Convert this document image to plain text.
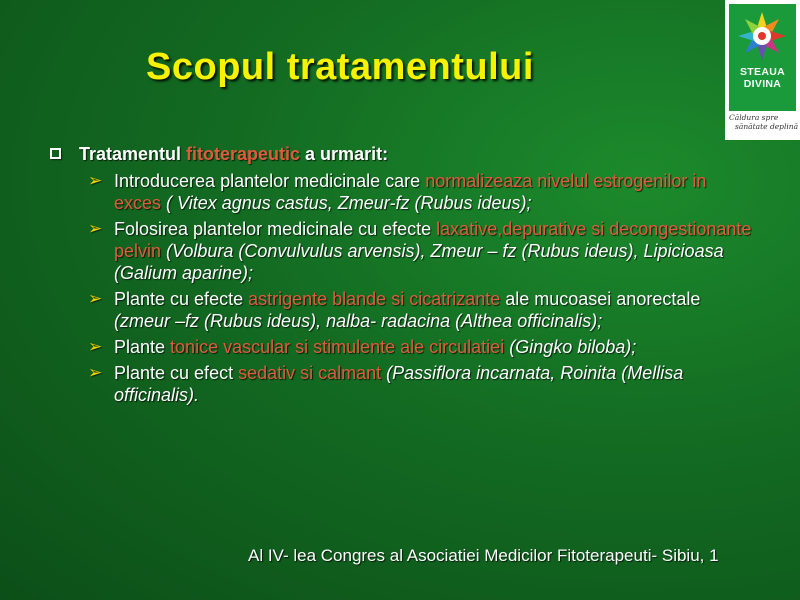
Scopul tratamentului	STEAUA
DIVINA
Căldura spre
sănătate deplină
Tratamentul fitoterapeutic a urmarit:
➢ Introducerea plantelor medicinale care normalizeaza nivelul estrogenilor in exces ( Vitex agnus castus, Zmeur-fz (Rubus ideus);
➢ Folosirea plantelor medicinale cu efecte laxative,depurative si decongestionante pelvin (Volbura (Convulvulus arvensis), Zmeur – fz (Rubus ideus), Lipicioasa (Galium aparine);
➢ Plante cu efecte astrigente blande si cicatrizante ale mucoasei anorectale (zmeur –fz (Rubus ideus), nalba- radacina (Althea officinalis);
➢ Plante tonice vascular si stimulente ale circulatiei (Gingko biloba);
➢ Plante cu efect sedativ si calmant (Passiflora incarnata, Roinita (Mellisa officinalis).
Al IV- lea Congres al Asociatiei Medicilor Fitoterapeuti- Sibiu, 1
